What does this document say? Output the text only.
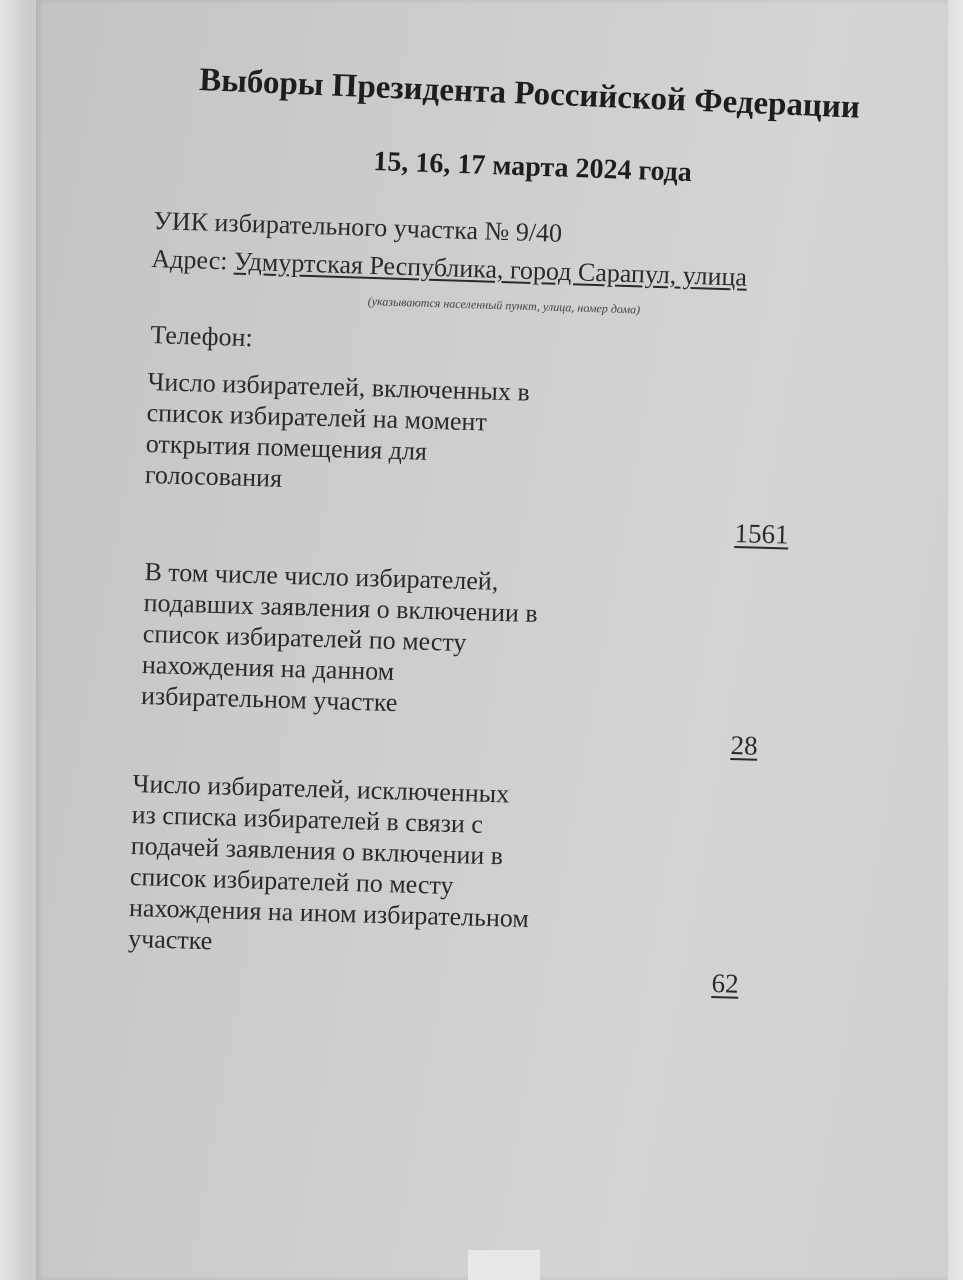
Выборы Президента Российской Федерации
15, 16, 17 марта 2024 года
УИК избирательного участка № 9/40
Адрес: Удмуртская Республика, город Сарапул, улица
(указываются населенный пункт, улица, номер дома)
Телефон:
Число избирателей, включенных в
список избирателей на момент
открытия помещения для
голосования
1561
В том числе число избирателей,
подавших заявления о включении в
список избирателей по месту
нахождения на данном
избирательном участке
28
Число избирателей, исключенных
из списка избирателей в связи с
подачей заявления о включении в
список избирателей по месту
нахождения на ином избирательном
участке
62
